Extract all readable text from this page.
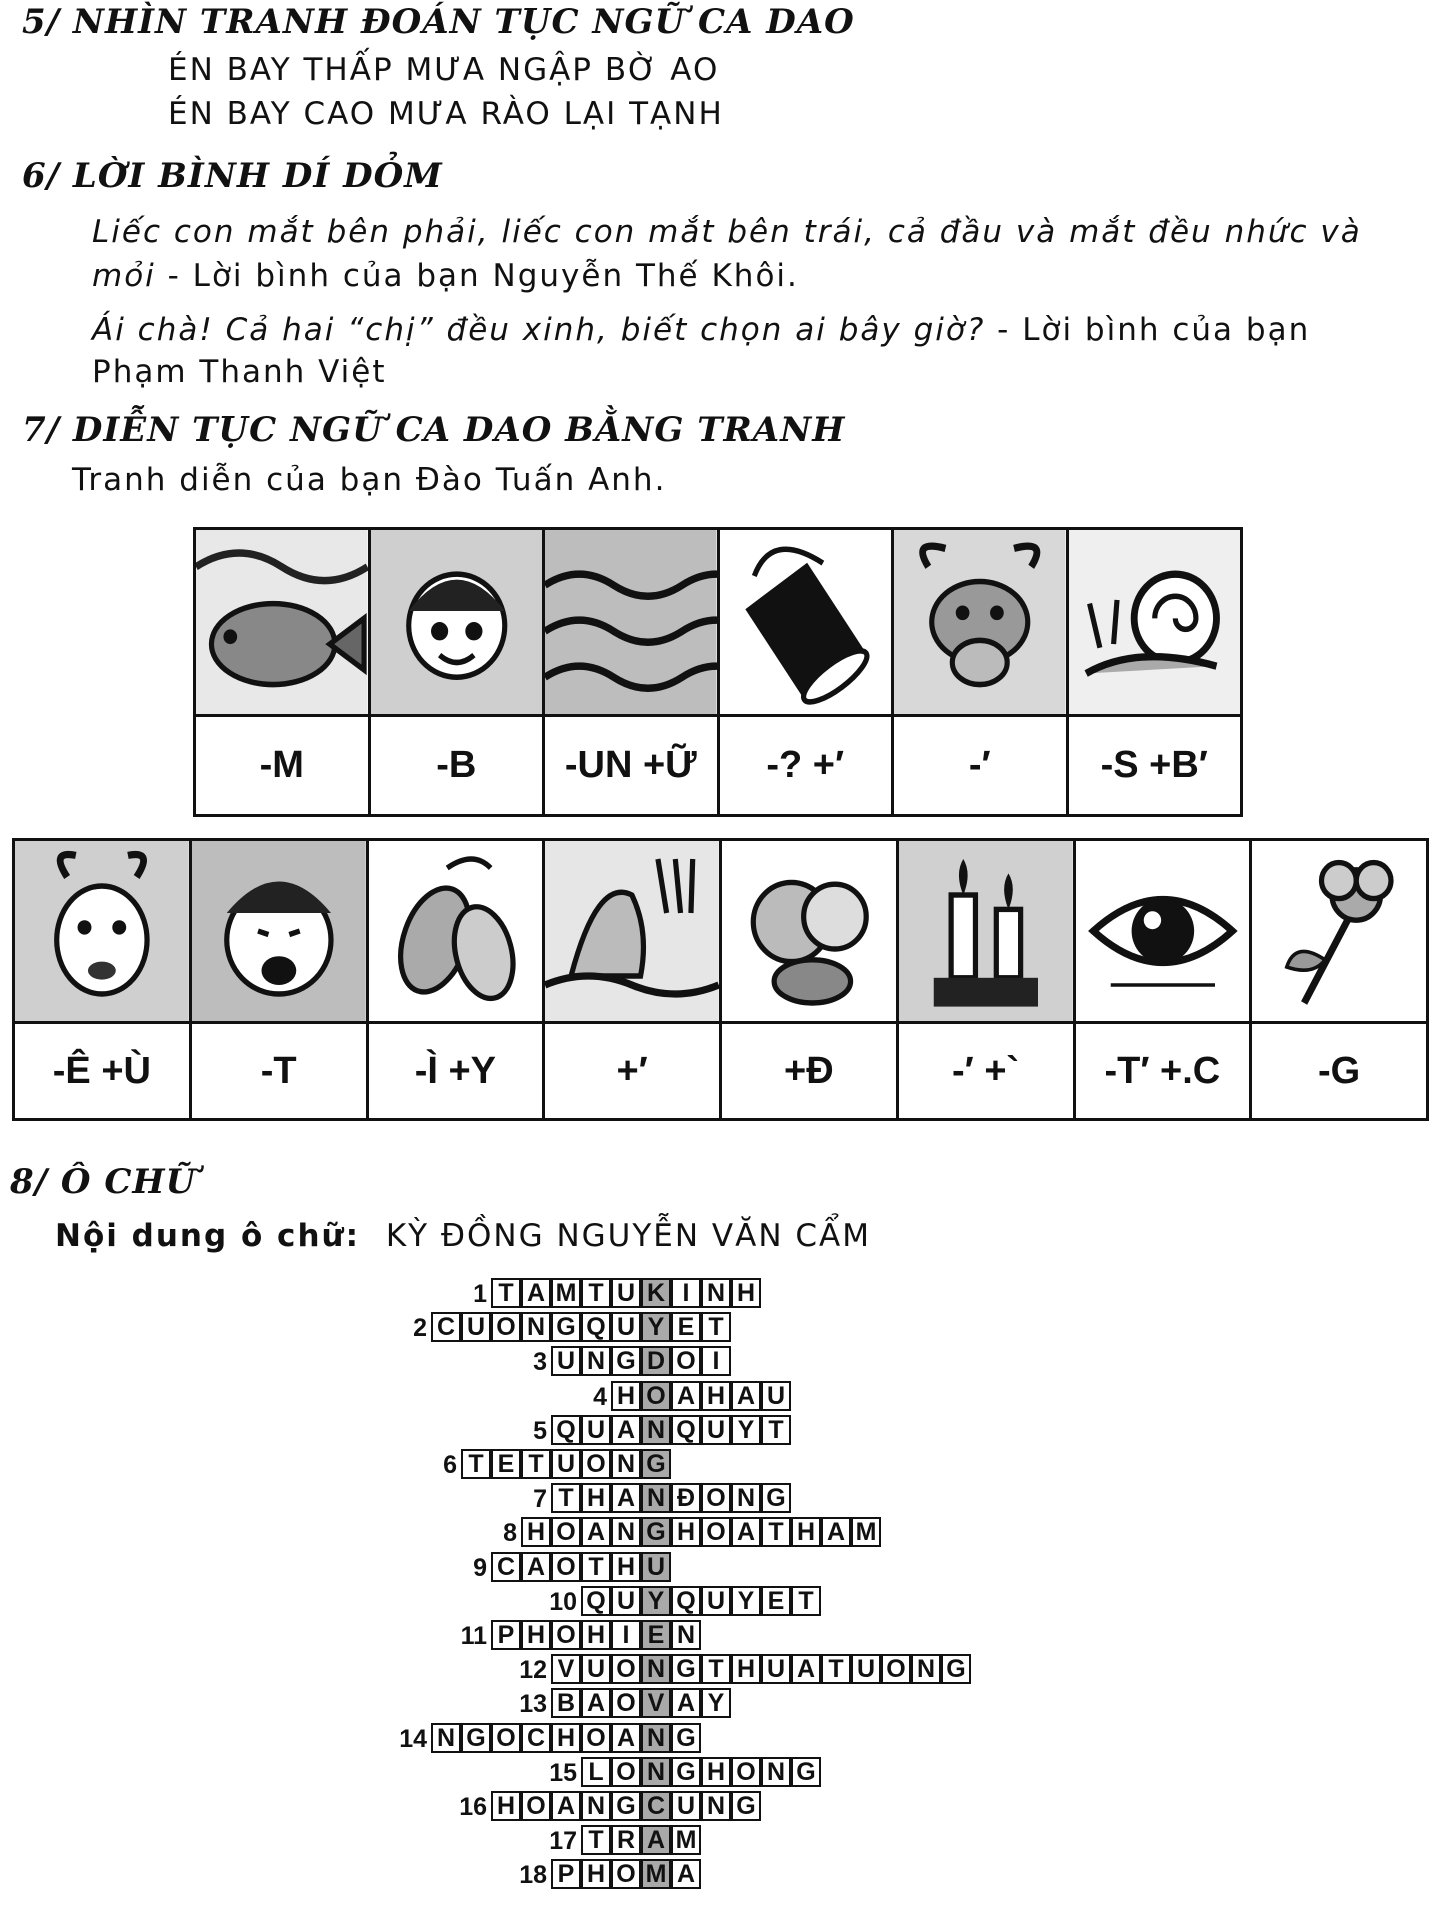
5/ NHÌN TRANH ĐOÁN TỤC NGỮ CA DAO
ÉN BAY THẤP MƯA NGẬP BỜ AO
ÉN BAY CAO MƯA RÀO LẠI TẠNH
6/ LỜI BÌNH DÍ DỎM
Liếc con mắt bên phải, liếc con mắt bên trái, cả đầu và mắt đều nhức và
mỏi - Lời bình của bạn Nguyễn Thế Khôi.
Ái chà! Cả hai “chị” đều xinh, biết chọn ai bây giờ? - Lời bình của bạn
Phạm Thanh Việt
7/ DIỄN TỤC NGỮ CA DAO BẰNG TRANH
Tranh diễn của bạn Đào Tuấn Anh.
-M	-B	-UN +Ữ	-? +′	-′	-S +B′
-Ê +Ù	-T	-Ì +Y	+′	+Đ	-′ +`	-T′ +.C	-G
8/ Ô CHỮ
Nội dung ô chữ: KỲ ĐỒNG NGUYỄN VĂN CẨM
1 T A M T U K I N H
2 C U O N G Q U Y E T
3 U N G D O I
4 H O A H A U
5 Q U A N Q U Y T
6 T E T U O N G
7 T H A N Đ O N G
8 H O A N G H O A T H A M
9 C A O T H U
10 Q U Y Q U Y E T
11 P H O H I E N
12 V U O N G T H U A T U O N G
13 B A O V A Y
14 N G O C H O A N G
15 L O N G H O N G
16 H O A N G C U N G
17 T R A M
18 P H O M A
